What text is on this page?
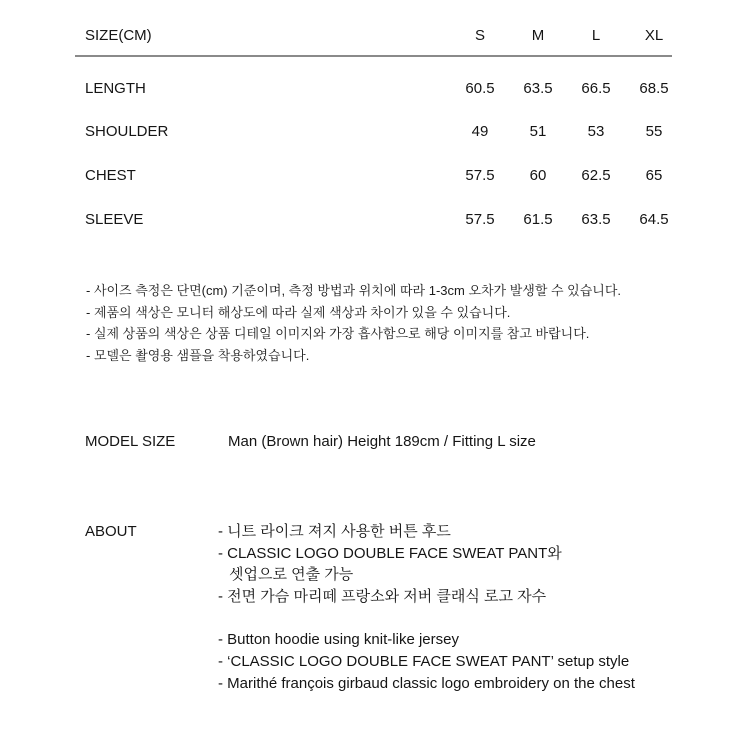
SIZE(CM)	S	M	L	XL
LENGTH	60.5	63.5	66.5	68.5
SHOULDER	49	51	53	55
CHEST	57.5	60	62.5	65
SLEEVE	57.5	61.5	63.5	64.5
- 사이즈 측정은 단면(cm) 기준이며, 측정 방법과 위치에 따라 1-3cm 오차가 발생할 수 있습니다.
- 제품의 색상은 모니터 해상도에 따라 실제 색상과 차이가 있을 수 있습니다.
- 실제 상품의 색상은 상품 디테일 이미지와 가장 흡사함으로 해당 이미지를 참고 바랍니다.
- 모델은 촬영용 샘플을 착용하였습니다.
MODEL SIZE	Man (Brown hair) Height 189cm / Fitting L size
ABOUT	- 니트 라이크 져지 사용한 버튼 후드
- CLASSIC LOGO DOUBLE FACE SWEAT PANT와
셋업으로 연출 가능
- 전면 가슴 마리떼 프랑소와 저버 클래식 로고 자수
- Button hoodie using knit-like jersey
- ‘CLASSIC LOGO DOUBLE FACE SWEAT PANT’ setup style
- Marithé françois girbaud classic logo embroidery on the chest
